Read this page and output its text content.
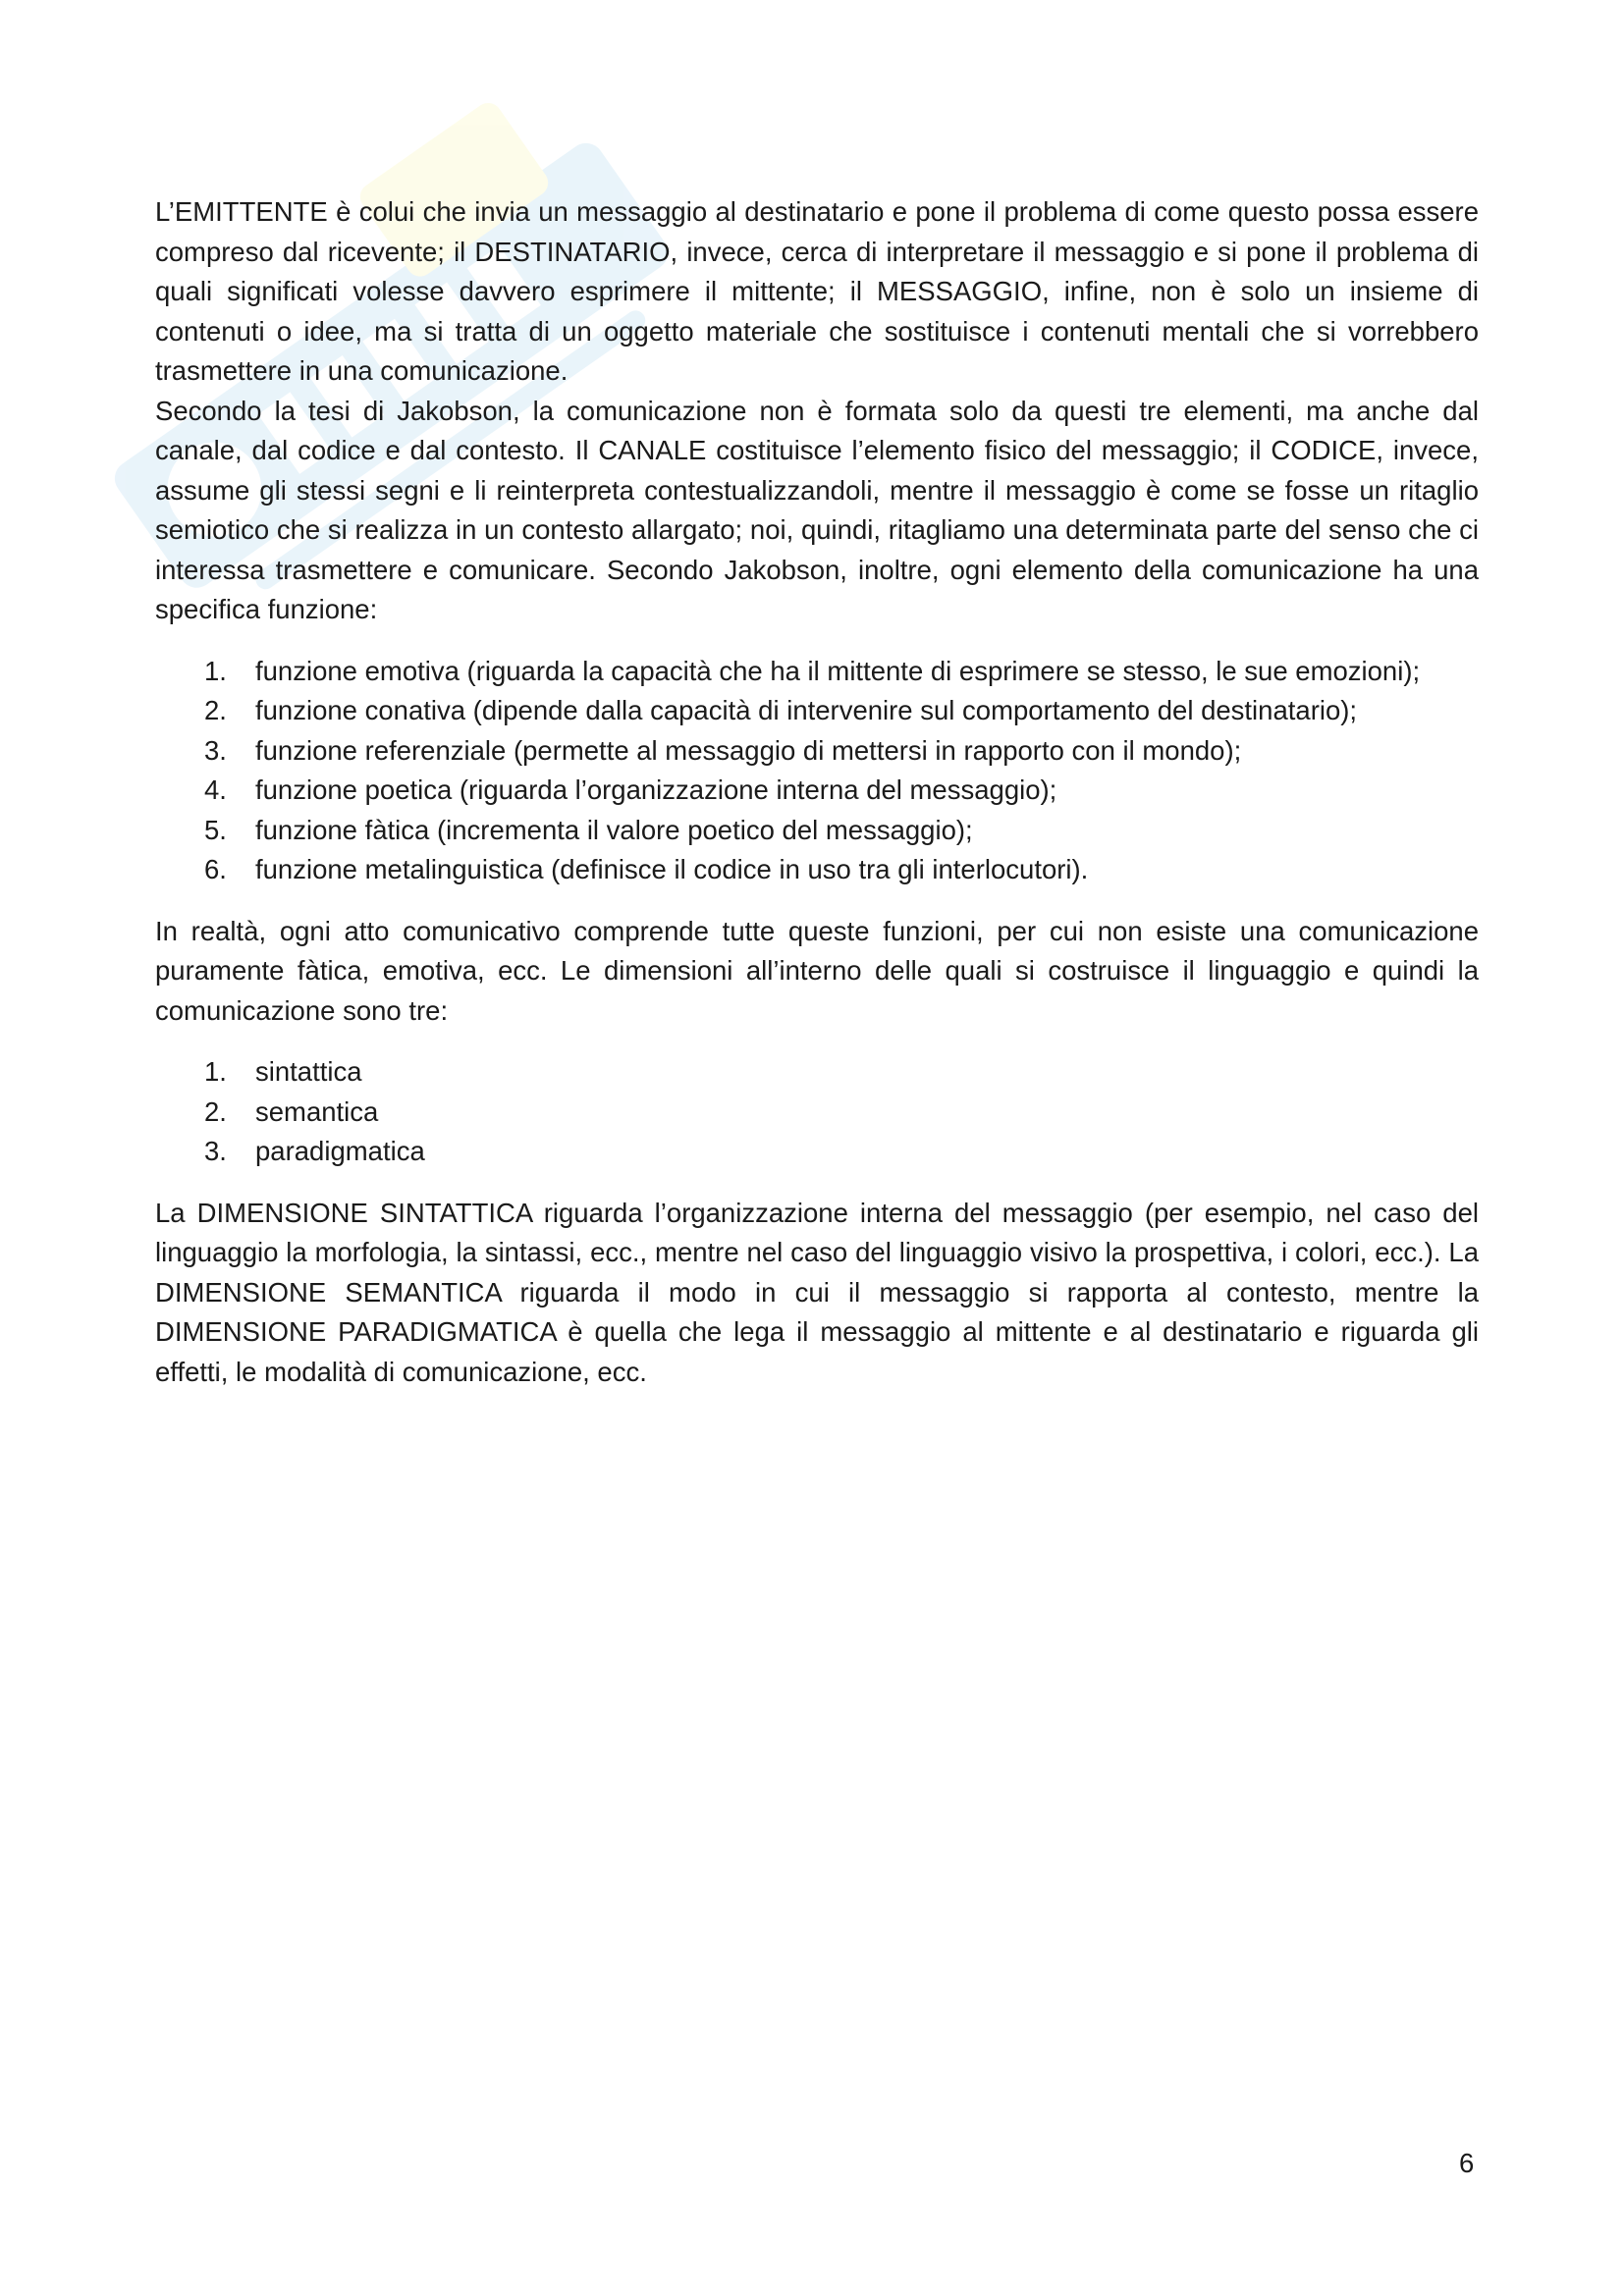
L’EMITTENTE è colui che invia un messaggio al destinatario e pone il problema di come questo possa essere compreso dal ricevente; il DESTINATARIO, invece, cerca di interpretare il messaggio e si pone il problema di quali significati volesse davvero esprimere il mittente; il MESSAGGIO, infine, non è solo un insieme di contenuti o idee, ma si tratta di un oggetto materiale che sostituisce i contenuti mentali che si vorrebbero trasmettere in una comunicazione.

Secondo la tesi di Jakobson, la comunicazione non è formata solo da questi tre elementi, ma anche dal canale, dal codice e dal contesto. Il CANALE costituisce l’elemento fisico del messaggio; il CODICE, invece, assume gli stessi segni e li reinterpreta contestualizzandoli, mentre il messaggio è come se fosse un ritaglio semiotico che si realizza in un contesto allargato; noi, quindi, ritagliamo una determinata parte del senso che ci interessa trasmettere e comunicare. Secondo Jakobson, inoltre, ogni elemento della comunicazione ha una specifica funzione:

1. funzione emotiva (riguarda la capacità che ha il mittente di esprimere se stesso, le sue emozioni);
2. funzione conativa (dipende dalla capacità di intervenire sul comportamento del destinatario);
3. funzione referenziale (permette al messaggio di mettersi in rapporto con il mondo);
4. funzione poetica (riguarda l’organizzazione interna del messaggio);
5. funzione fàtica (incrementa il valore poetico del messaggio);
6. funzione metalinguistica (definisce il codice in uso tra gli interlocutori).

In realtà, ogni atto comunicativo comprende tutte queste funzioni, per cui non esiste una comunicazione puramente fàtica, emotiva, ecc. Le dimensioni all’interno delle quali si costruisce il linguaggio e quindi la comunicazione sono tre:

1. sintattica
2. semantica
3. paradigmatica

La DIMENSIONE SINTATTICA riguarda l’organizzazione interna del messaggio (per esempio, nel caso del linguaggio la morfologia, la sintassi, ecc., mentre nel caso del linguaggio visivo la prospettiva, i colori, ecc.). La DIMENSIONE SEMANTICA riguarda il modo in cui il messaggio si rapporta al contesto, mentre la DIMENSIONE PARADIGMATICA è quella che lega il messaggio al mittente e al destinatario e riguarda gli effetti, le modalità di comunicazione, ecc.

6
